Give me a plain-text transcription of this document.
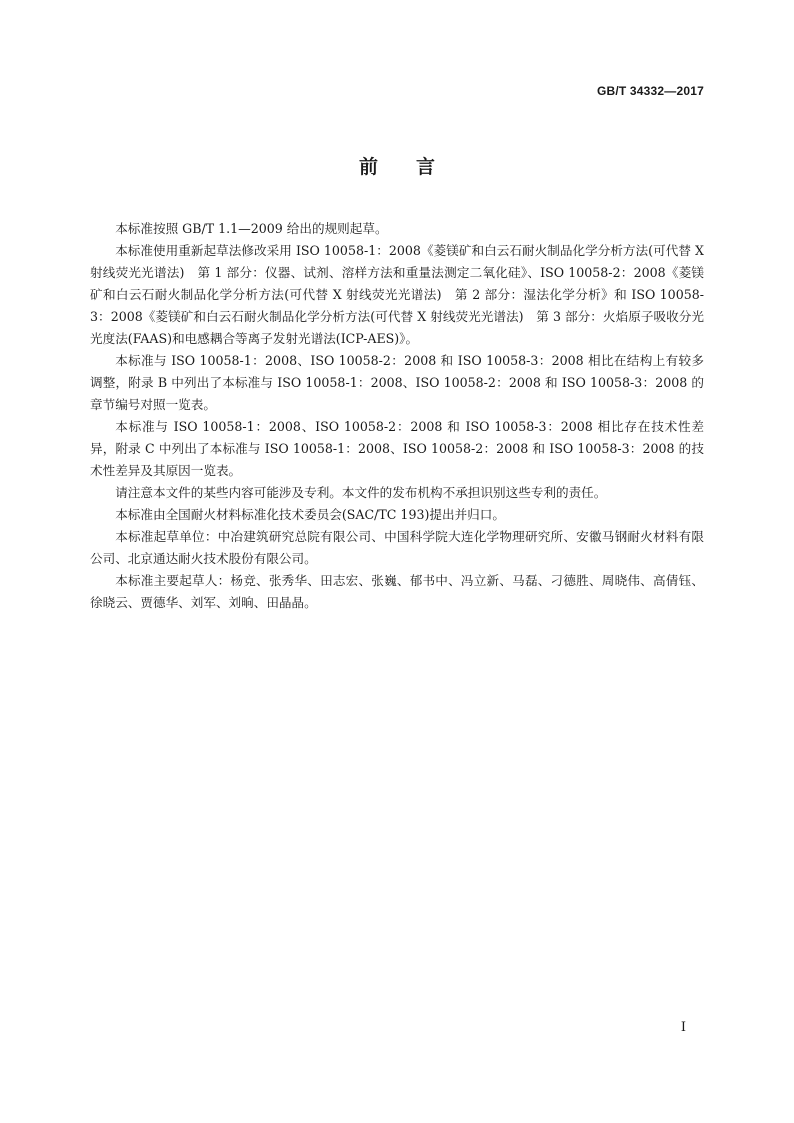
GB/T 34332—2017
前　　言

本标准按照 GB/T 1.1—2009 给出的规则起草。

本标准使用重新起草法修改采用 ISO 10058-1：2008《菱镁矿和白云石耐火制品化学分析方法(可代替 X 射线荧光光谱法)　第 1 部分：仪器、试剂、溶样方法和重量法测定二氧化硅》、ISO 10058-2：2008《菱镁矿和白云石耐火制品化学分析方法(可代替 X 射线荧光光谱法)　第 2 部分：湿法化学分析》和 ISO 10058-3：2008《菱镁矿和白云石耐火制品化学分析方法(可代替 X 射线荧光光谱法)　第 3 部分：火焰原子吸收分光光度法(FAAS)和电感耦合等离子发射光谱法(ICP-AES)》。

本标准与 ISO 10058-1：2008、ISO 10058-2：2008 和 ISO 10058-3：2008 相比在结构上有较多调整，附录 B 中列出了本标准与 ISO 10058-1：2008、ISO 10058-2：2008 和 ISO 10058-3：2008 的章节编号对照一览表。

本标准与 ISO 10058-1：2008、ISO 10058-2：2008 和 ISO 10058-3：2008 相比存在技术性差异，附录 C 中列出了本标准与 ISO 10058-1：2008、ISO 10058-2：2008 和 ISO 10058-3：2008 的技术性差异及其原因一览表。

请注意本文件的某些内容可能涉及专利。本文件的发布机构不承担识别这些专利的责任。

本标准由全国耐火材料标准化技术委员会(SAC/TC 193)提出并归口。

本标准起草单位：中冶建筑研究总院有限公司、中国科学院大连化学物理研究所、安徽马钢耐火材料有限公司、北京通达耐火技术股份有限公司。

本标准主要起草人：杨竞、张秀华、田志宏、张巍、郁书中、冯立新、马磊、刁德胜、周晓伟、高倩钰、徐晓云、贾德华、刘军、刘晌、田晶晶。

I
